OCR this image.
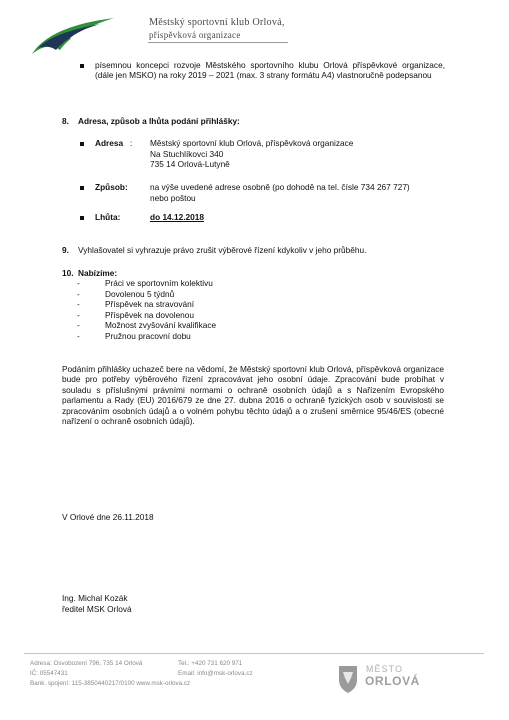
Městský sportovní klub Orlová,
příspěvková organizace
písemnou koncepci rozvoje Městského sportovního klubu Orlová příspěvkové organizace, (dále jen MSKO) na roky 2019 – 2021 (max. 3 strany formátu A4) vlastnoručně podepsanou
8. Adresa, způsob a lhůta podání přihlášky:
Adresa : Městský sportovní klub Orlová, příspěvková organizace
Na Stuchlíkovci 340
735 14 Orlová-Lutyně
Způsob:	na výše uvedené adrese osobně (po dohodě na tel. čísle 734 267 727)
nebo poštou
Lhůta:	do 14.12.2018
9. Vyhlašovatel si vyhrazuje právo zrušit výběrové řízení kdykoliv v jeho průběhu.
10. Nabízíme:
-	Práci ve sportovním kolektivu
-	Dovolenou 5 týdnů
-	Příspěvek na stravování
-	Příspěvek na dovolenou
-	Možnost zvyšování kvalifikace
-	Pružnou pracovní dobu
Podáním přihlášky uchazeč bere na vědomí, že Městský sportovní klub Orlová, příspěvková organizace bude pro potřeby výběrového řízení zpracovávat jeho osobní údaje. Zpracování bude probíhat v souladu s příslušnými právními normami o ochraně osobních údajů a s Nařízením Evropského parlamentu a Rady (EU) 2016/679 ze dne 27. dubna 2016 o ochraně fyzických osob v souvislosti se zpracováním osobních údajů a o volném pohybu těchto údajů a o zrušení směrnice 95/46/ES (obecné nařízení o ochraně osobních údajů).
V Orlové dne 26.11.2018
Ing. Michal Kozák
ředitel MSK Orlová
Adresa: Osvobození 796, 735 14 Orlová
IČ: 05547431
Bank. spojení: 115-3850440217/0100 www.msk-orlova.cz
Tel.: +420 731 620 971
Email: info@msk-orlova.cz	MĚSTO
ORLOVÁ
